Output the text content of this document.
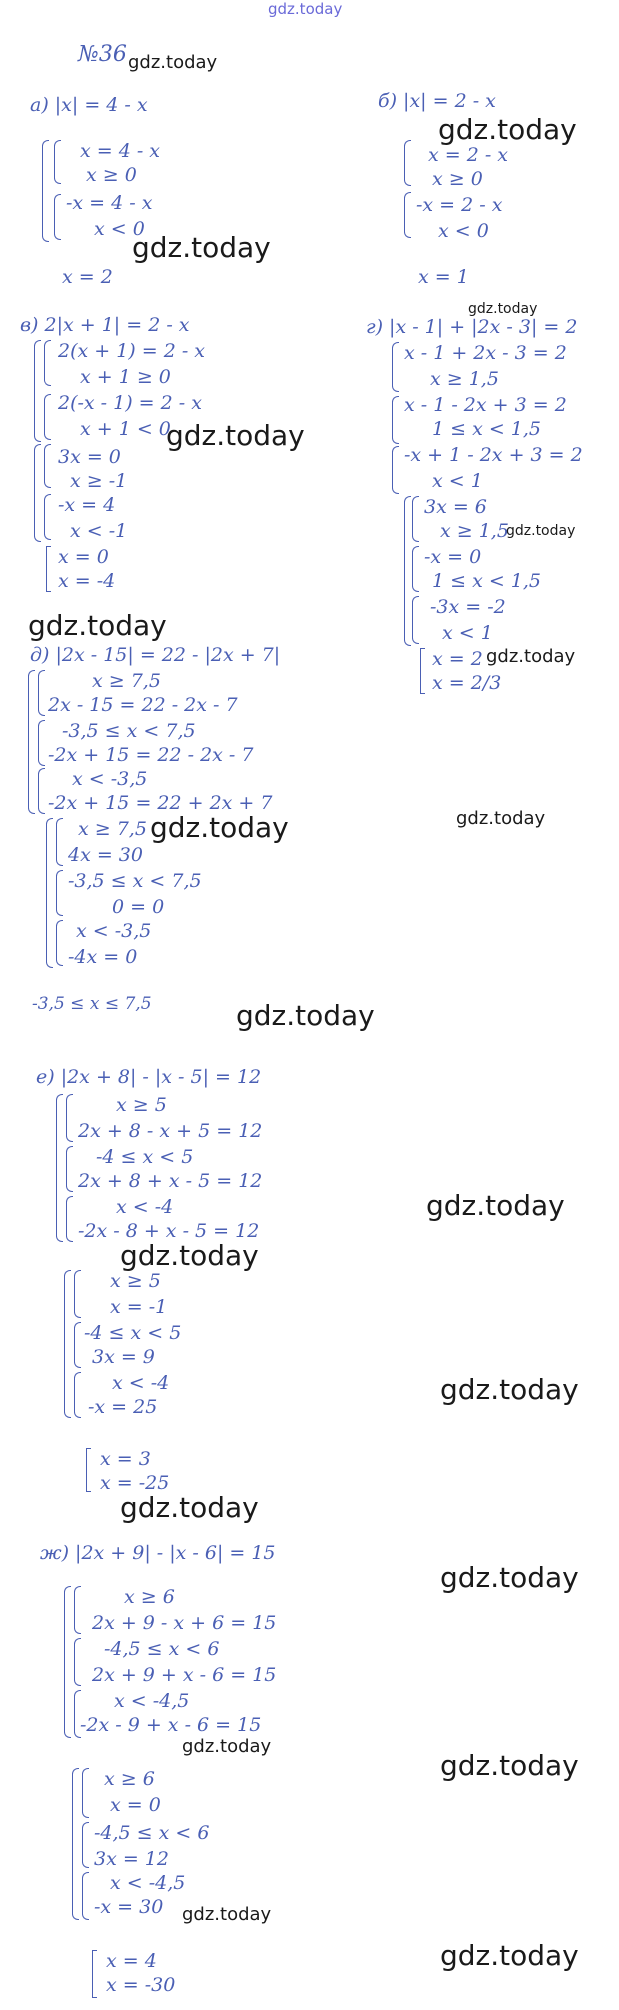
gdz.today
№36 gdz.today
а) |x| = 4 - x
x = 4 - x
x ≥ 0
-x = 4 - x
x < 0
gdz.today
x = 2
б) |x| = 2 - x
gdz.today
x = 2 - x
x ≥ 0
-x = 2 - x
x < 0
x = 1
в) 2|x + 1| = 2 - x
2(x + 1) = 2 - x
x + 1 ≥ 0
2(-x - 1) = 2 - x
x + 1 < 0
gdz.today
3x = 0
x ≥ -1
-x = 4
x < -1
x = 0
x = -4
г) |x - 1| + |2x - 3| = 2
gdz.today
x - 1 + 2x - 3 = 2
x ≥ 1,5
x - 1 - 2x + 3 = 2
1 ≤ x < 1,5
-x + 1 - 2x + 3 = 2
x < 1
3x = 6
x ≥ 1,5
gdz.today
-x = 0
1 ≤ x < 1,5
-3x = -2
x < 1
x = 2 gdz.today
x = 2/3
gdz.today
д) |2x - 15| = 22 - |2x + 7|
x ≥ 7,5
2x - 15 = 22 - 2x - 7
-3,5 ≤ x < 7,5
-2x + 15 = 22 - 2x - 7
x < -3,5
-2x + 15 = 22 + 2x + 7
x ≥ 7,5 gdz.today
4x = 30
-3,5 ≤ x < 7,5
0 = 0
x < -3,5
-4x = 0
gdz.today
-3,5 ≤ x ≤ 7,5	gdz.today
е) |2x + 8| - |x - 5| = 12
x ≥ 5
2x + 8 - x + 5 = 12
-4 ≤ x < 5
2x + 8 + x - 5 = 12
x < -4
-2x - 8 + x - 5 = 12
gdz.today
gdz.today
x ≥ 5
x = -1
-4 ≤ x < 5
3x = 9
x < -4
-x = 25
gdz.today
x = 3
x = -25
gdz.today
ж) |2x + 9| - |x - 6| = 15
gdz.today
x ≥ 6
2x + 9 - x + 6 = 15
-4,5 ≤ x < 6
2x + 9 + x - 6 = 15
x < -4,5
-2x - 9 + x - 6 = 15
gdz.today
x ≥ 6
x = 0
-4,5 ≤ x < 6
3x = 12
x < -4,5
-x = 30 gdz.today
gdz.today
x = 4
x = -30
gdz.today
